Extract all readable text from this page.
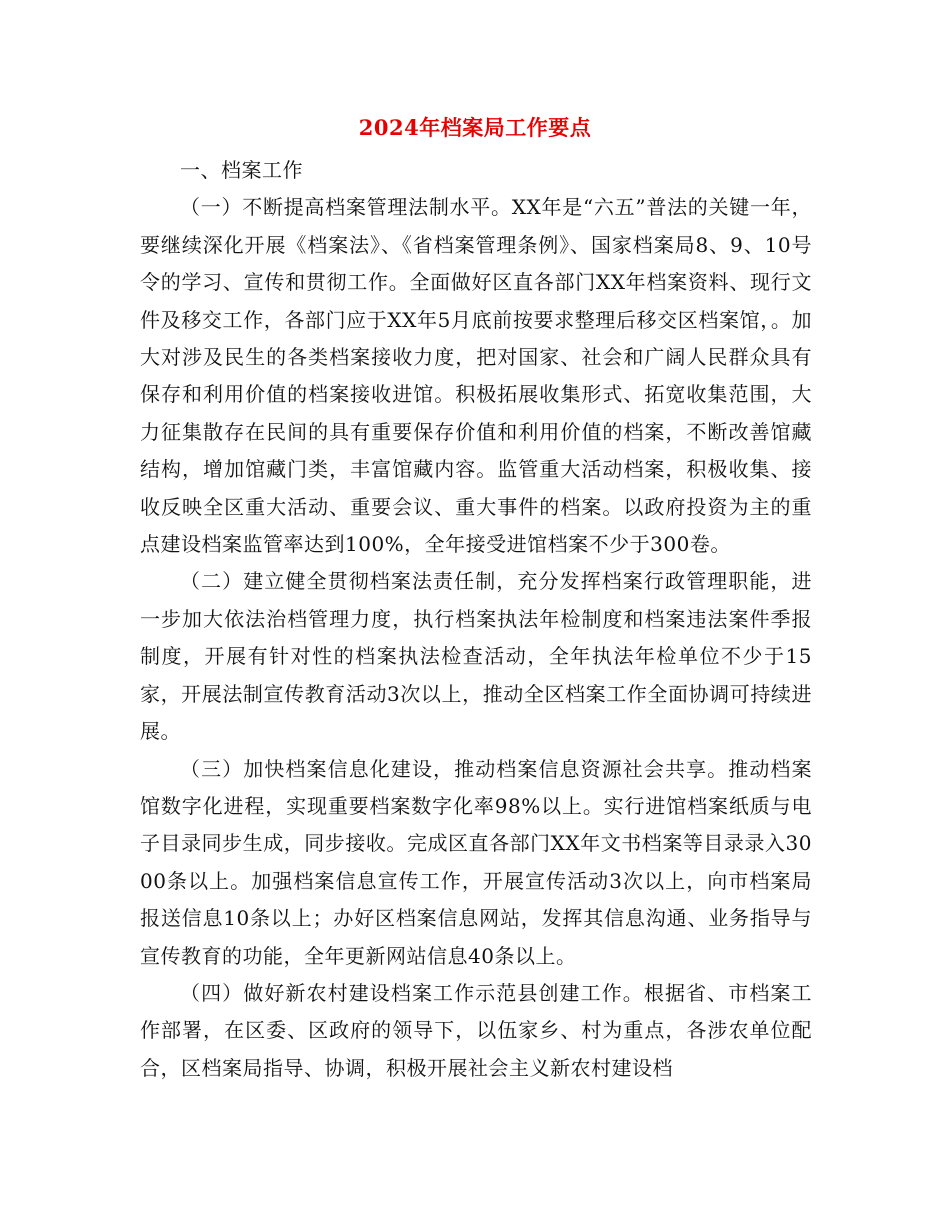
2024年档案局工作要点

一、档案工作

（一）不断提高档案管理法制水平。XX年是“六五”普法的关键一年，要继续深化开展《档案法》、《省档案管理条例》、国家档案局8、9、10号令的学习、宣传和贯彻工作。全面做好区直各部门XX年档案资料、现行文件及移交工作，各部门应于XX年5月底前按要求整理后移交区档案馆，。加大对涉及民生的各类档案接收力度，把对国家、社会和广阔人民群众具有保存和利用价值的档案接收进馆。积极拓展收集形式、拓宽收集范围，大力征集散存在民间的具有重要保存价值和利用价值的档案，不断改善馆藏结构，增加馆藏门类，丰富馆藏内容。监管重大活动档案，积极收集、接收反映全区重大活动、重要会议、重大事件的档案。以政府投资为主的重点建设档案监管率达到100%，全年接受进馆档案不少于300卷。

（二）建立健全贯彻档案法责任制，充分发挥档案行政管理职能，进一步加大依法治档管理力度，执行档案执法年检制度和档案违法案件季报制度，开展有针对性的档案执法检查活动，全年执法年检单位不少于15家，开展法制宣传教育活动3次以上，推动全区档案工作全面协调可持续进展。

（三）加快档案信息化建设，推动档案信息资源社会共享。推动档案馆数字化进程，实现重要档案数字化率98%以上。实行进馆档案纸质与电子目录同步生成，同步接收。完成区直各部门XX年文书档案等目录录入3000条以上。加强档案信息宣传工作，开展宣传活动3次以上，向市档案局报送信息10条以上；办好区档案信息网站，发挥其信息沟通、业务指导与宣传教育的功能，全年更新网站信息40条以上。

（四）做好新农村建设档案工作示范县创建工作。根据省、市档案工作部署，在区委、区政府的领导下，以伍家乡、村为重点，各涉农单位配合，区档案局指导、协调，积极开展社会主义新农村建设档
